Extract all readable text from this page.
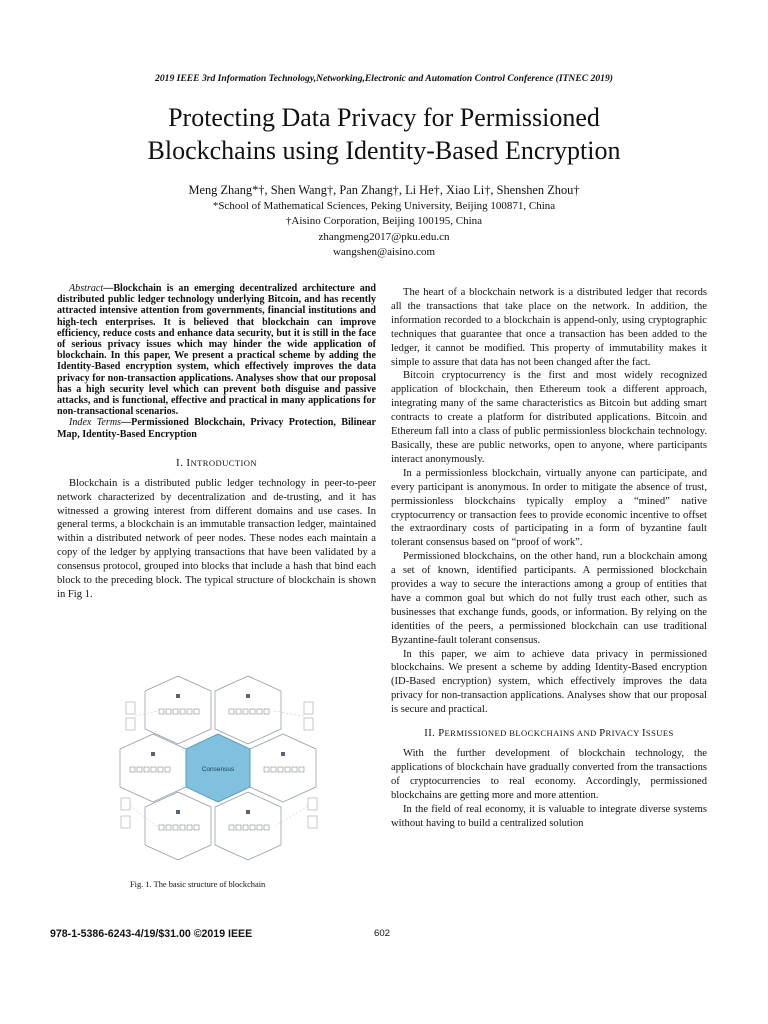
2019 IEEE 3rd Information Technology,Networking,Electronic and Automation Control Conference (ITNEC 2019)
Protecting Data Privacy for Permissioned
Blockchains using Identity-Based Encryption
Meng Zhang*†, Shen Wang†, Pan Zhang†, Li He†, Xiao Li†, Shenshen Zhou†
*School of Mathematical Sciences, Peking University, Beijing 100871, China
†Aisino Corporation, Beijing 100195, China
zhangmeng2017@pku.edu.cn
wangshen@aisino.com

Abstract—Blockchain is an emerging decentralized architecture and distributed public ledger technology underlying Bitcoin, and has recently attracted intensive attention from governments, financial institutions and high-tech enterprises. It is believed that blockchain can improve efficiency, reduce costs and enhance data security, but it is still in the face of serious privacy issues which may hinder the wide application of blockchain. In this paper, We present a practical scheme by adding the Identity-Based encryption system, which effectively improves the data privacy for non-transaction applications. Analyses show that our proposal has a high security level which can prevent both disguise and passive attacks, and is functional, effective and practical in many applications for non-transactional scenarios.

Index Terms—Permissioned Blockchain, Privacy Protection, Bilinear Map, Identity-Based Encryption

I. INTRODUCTION

Blockchain is a distributed public ledger technology in peer-to-peer network characterized by decentralization and de-trusting, and it has witnessed a growing interest from different domains and use cases. In general terms, a blockchain is an immutable transaction ledger, maintained within a distributed network of peer nodes. These nodes each maintain a copy of the ledger by applying transactions that have been validated by a consensus protocol, grouped into blocks that include a hash that bind each block to the preceding block. The typical structure of blockchain is shown in Fig 1.

Consensus
Fig. 1. The basic structure of blockchain

The heart of a blockchain network is a distributed ledger that records all the transactions that take place on the network. In addition, the information recorded to a blockchain is append-only, using cryptographic techniques that guarantee that once a transaction has been added to the ledger, it cannot be modified. This property of immutability makes it simple to assure that data has not been changed after the fact.

Bitcoin cryptocurrency is the first and most widely recognized application of blockchain, then Ethereum took a different approach, integrating many of the same characteristics as Bitcoin but adding smart contracts to create a platform for distributed applications. Bitcoin and Ethereum fall into a class of public permissionless blockchain technology. Basically, these are public networks, open to anyone, where participants interact anonymously.

In a permissionless blockchain, virtually anyone can participate, and every participant is anonymous. In order to mitigate the absence of trust, permissionless blockchains typically employ a “mined” native cryptocurrency or transaction fees to provide economic incentive to offset the extraordinary costs of participating in a form of byzantine fault tolerant consensus based on “proof of work”.

Permissioned blockchains, on the other hand, run a blockchain among a set of known, identified participants. A permissioned blockchain provides a way to secure the interactions among a group of entities that have a common goal but which do not fully trust each other, such as businesses that exchange funds, goods, or information. By relying on the identities of the peers, a permissioned blockchain can use traditional Byzantine-fault tolerant consensus.

In this paper, we aim to achieve data privacy in permissioned blockchains. We present a scheme by adding Identity-Based encryption (ID-Based encryption) system, which effectively improves the data privacy for non-transaction applications. Analyses show that our proposal is secure and practical.

II. PERMISSIONED BLOCKCHAINS AND PRIVACY ISSUES

With the further development of blockchain technology, the applications of blockchain have gradually converted from the transactions of cryptocurrencies to real economy. Accordingly, permissioned blockchains are getting more and more attention.

In the field of real economy, it is valuable to integrate diverse systems without having to build a centralized solution

978-1-5386-6243-4/19/$31.00 ©2019 IEEE	602
